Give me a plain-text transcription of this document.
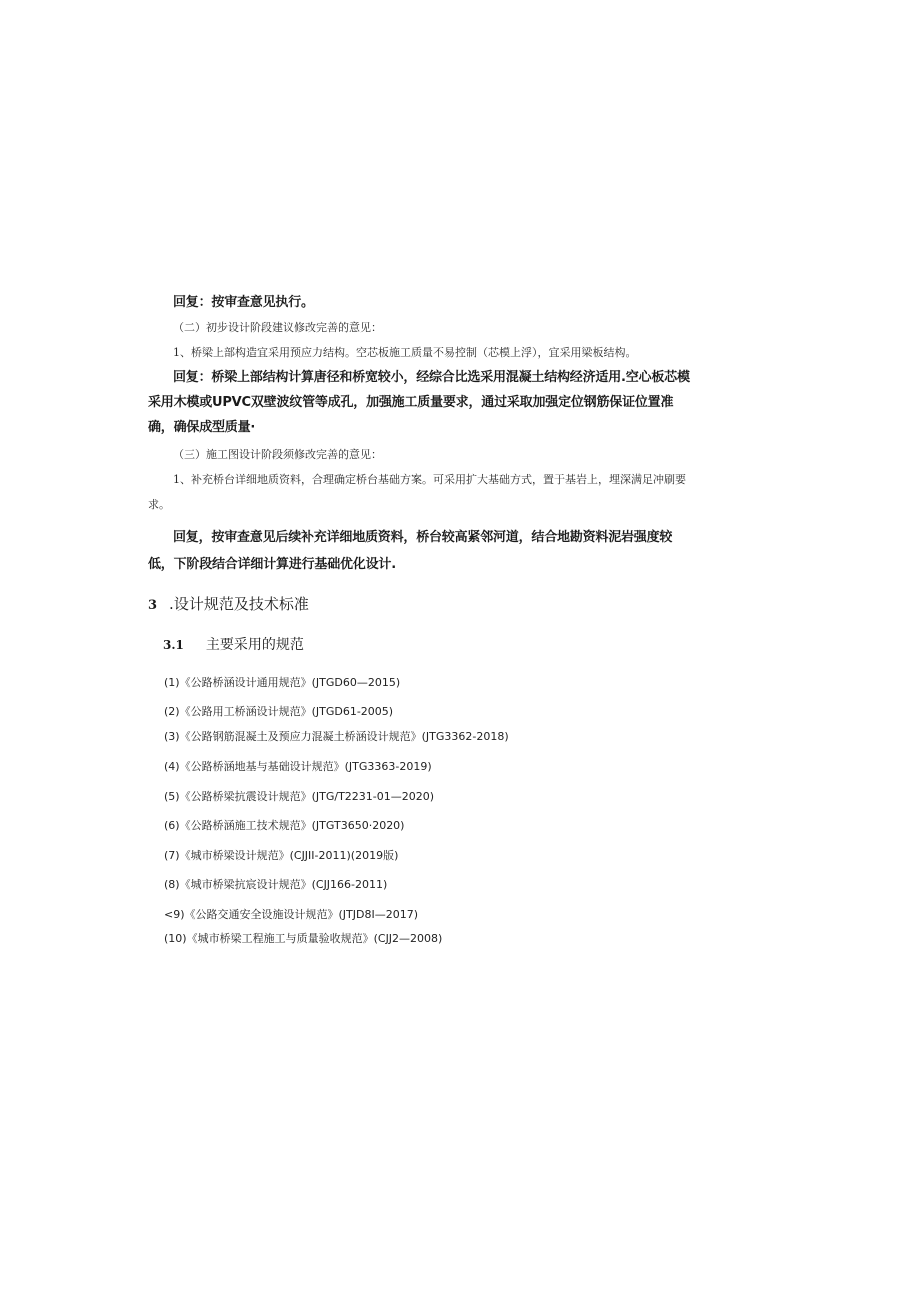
回复：按审查意见执行。
（二）初步设计阶段建议修改完善的意见：
1、桥梁上部构造宜采用预应力结构。空芯板施工质量不易控制（芯模上浮），宜采用梁板结构。
回复：桥梁上部结构计算唐径和桥宽较小，经综合比选采用混凝土结构经济适用.空心板芯模采用木模或UPVC双壁波纹管等成孔，加强施工质量要求，通过采取加强定位钢筋保证位置准确，确保成型质量·
（三）施工图设计阶段须修改完善的意见：
1、补充桥台详细地质资料，合理确定桥台基础方案。可采用扩大基础方式，置于基岩上，埋深满足冲刷要求。
回复，按审查意见后续补充详细地质资料，桥台较高紧邻河道，结合地勘资料泥岩强度较低，下阶段结合详细计算进行基础优化设计.
3 .设计规范及技术标准
3.1 主要采用的规范
(1)《公路桥涵设计通用规范》(JTGD60—2015)
(2)《公路用工桥涵设计规范》(JTGD61-2005)
(3)《公路钢筋混凝土及预应力混凝土桥涵设计规范》(JTG3362-2018)
(4)《公路桥涵地基与基础设计规范》(JTG3363-2019)
(5)《公路桥梁抗震设计规范》(JTG/T2231-01—2020)
(6)《公路桥涵施工技术规范》(JTGT3650·2020)
(7)《城市桥梁设计规范》(CJJII-2011)(2019版)
(8)《城市桥梁抗宸设计规范》(CJJ166-2011)
<9)《公路交通安全设施设计规范》(JTJD8I—2017)
(10)《城市桥梁工程施工与质量验收规范》(CJJ2—2008)
